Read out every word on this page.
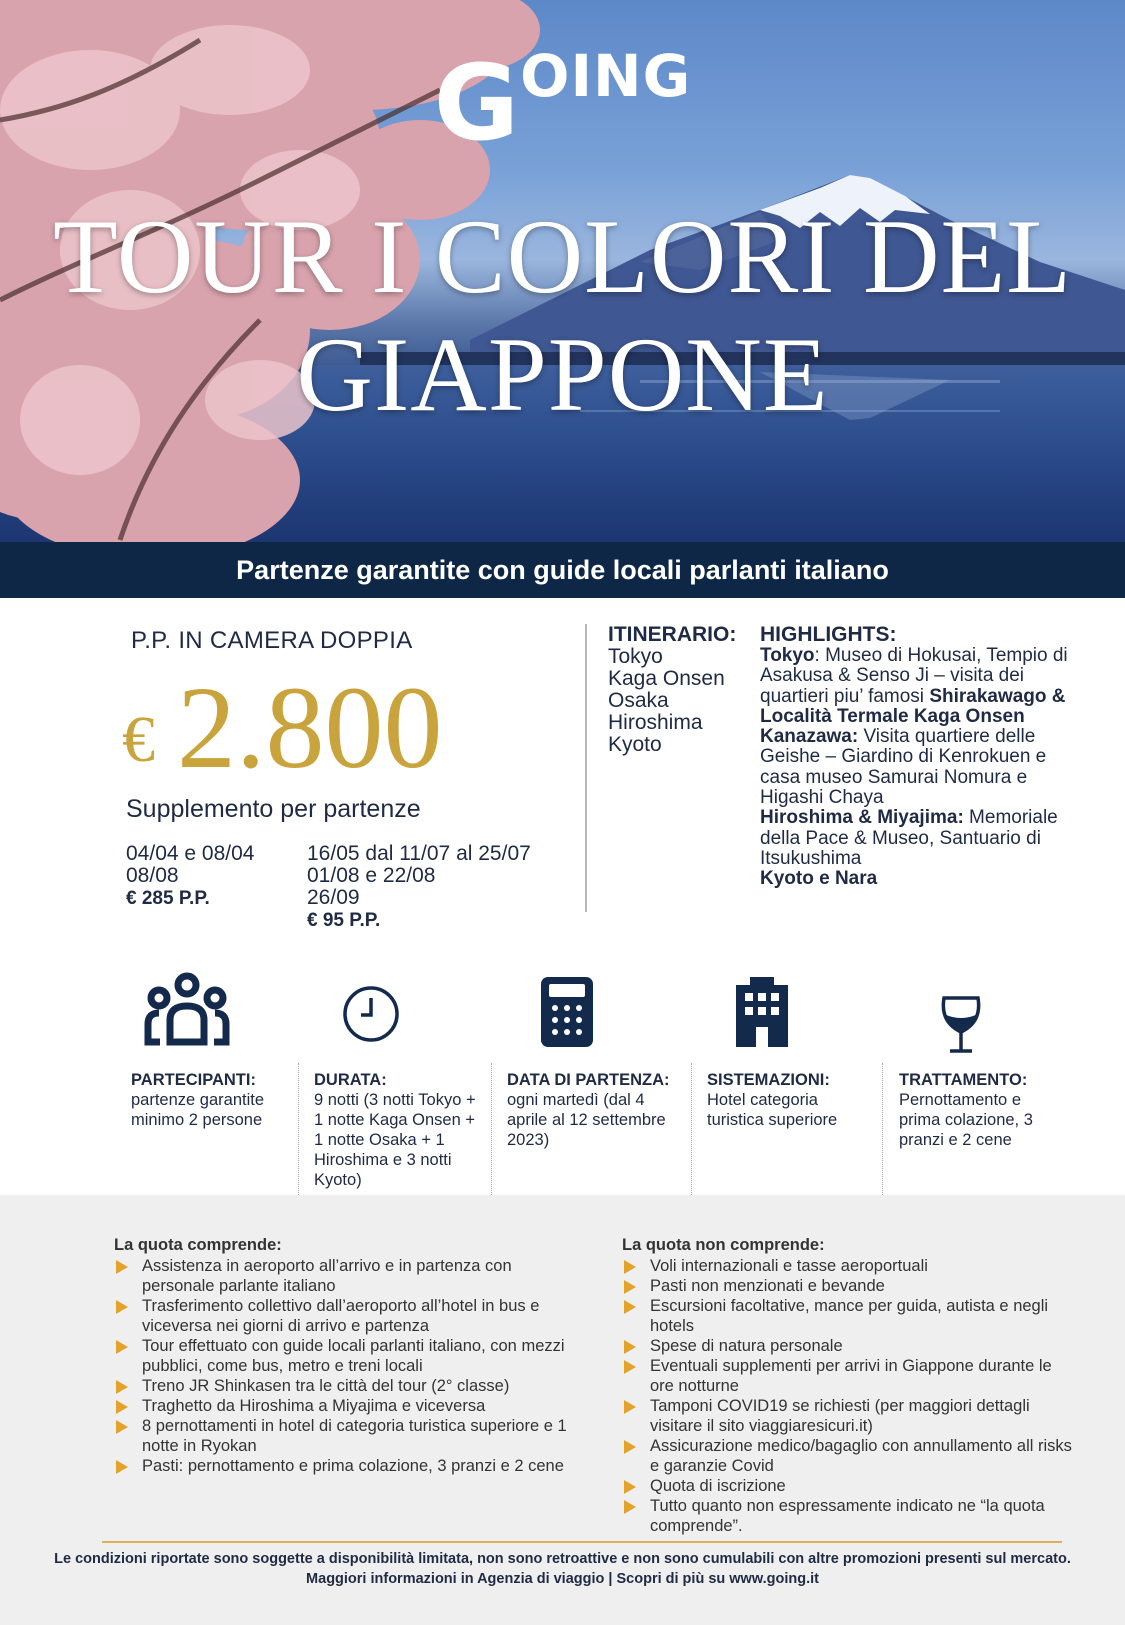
GOING
TOUR I COLORI DEL
GIAPPONE
Partenze garantite con guide locali parlanti italiano
P.P. IN CAMERA DOPPIA
€ 2.800
Supplemento per partenze
04/04 e 08/04
08/08
€ 285 P.P.
16/05 dal 11/07 al 25/07
01/08 e 22/08
26/09
€ 95 P.P.
ITINERARIO:
Tokyo
Kaga Onsen
Osaka
Hiroshima
Kyoto
HIGHLIGHTS:
Tokyo: Museo di Hokusai, Tempio di Asakusa & Senso Ji – visita dei quartieri piu’ famosi Shirakawago & Località Termale Kaga Onsen
Kanazawa: Visita quartiere delle Geishe – Giardino di Kenrokuen e casa museo Samurai Nomura e Higashi Chaya
Hiroshima & Miyajima: Memoriale della Pace & Museo, Santuario di Itsukushima
Kyoto e Nara
PARTECIPANTI:
partenze garantite minimo 2 persone
DURATA:
9 notti (3 notti Tokyo + 1 notte Kaga Onsen + 1 notte Osaka + 1 Hiroshima e 3 notti Kyoto)
DATA DI PARTENZA:
ogni martedì (dal 4 aprile al 12 settembre 2023)
SISTEMAZIONI:
Hotel categoria turistica superiore
TRATTAMENTO:
Pernottamento e prima colazione, 3 pranzi e 2 cene
La quota comprende:
Assistenza in aeroporto all’arrivo e in partenza con personale parlante italiano
Trasferimento collettivo dall’aeroporto all’hotel in bus e viceversa nei giorni di arrivo e partenza
Tour effettuato con guide locali parlanti italiano, con mezzi pubblici, come bus, metro e treni locali
Treno JR Shinkasen tra le città del tour (2° classe)
Traghetto da Hiroshima a Miyajima e viceversa
8 pernottamenti in hotel di categoria turistica superiore e 1 notte in Ryokan
Pasti: pernottamento e prima colazione, 3 pranzi e 2 cene
La quota non comprende:
Voli internazionali e tasse aeroportuali
Pasti non menzionati e bevande
Escursioni facoltative, mance per guida, autista e negli hotels
Spese di natura personale
Eventuali supplementi per arrivi in Giappone durante le ore notturne
Tamponi COVID19 se richiesti (per maggiori dettagli visitare il sito viaggiaresicuri.it)
Assicurazione medico/bagaglio con annullamento all risks e garanzie Covid
Quota di iscrizione
Tutto quanto non espressamente indicato ne “la quota comprende”.
Le condizioni riportate sono soggette a disponibilità limitata, non sono retroattive e non sono cumulabili con altre promozioni presenti sul mercato.
Maggiori informazioni in Agenzia di viaggio | Scopri di più su www.going.it
